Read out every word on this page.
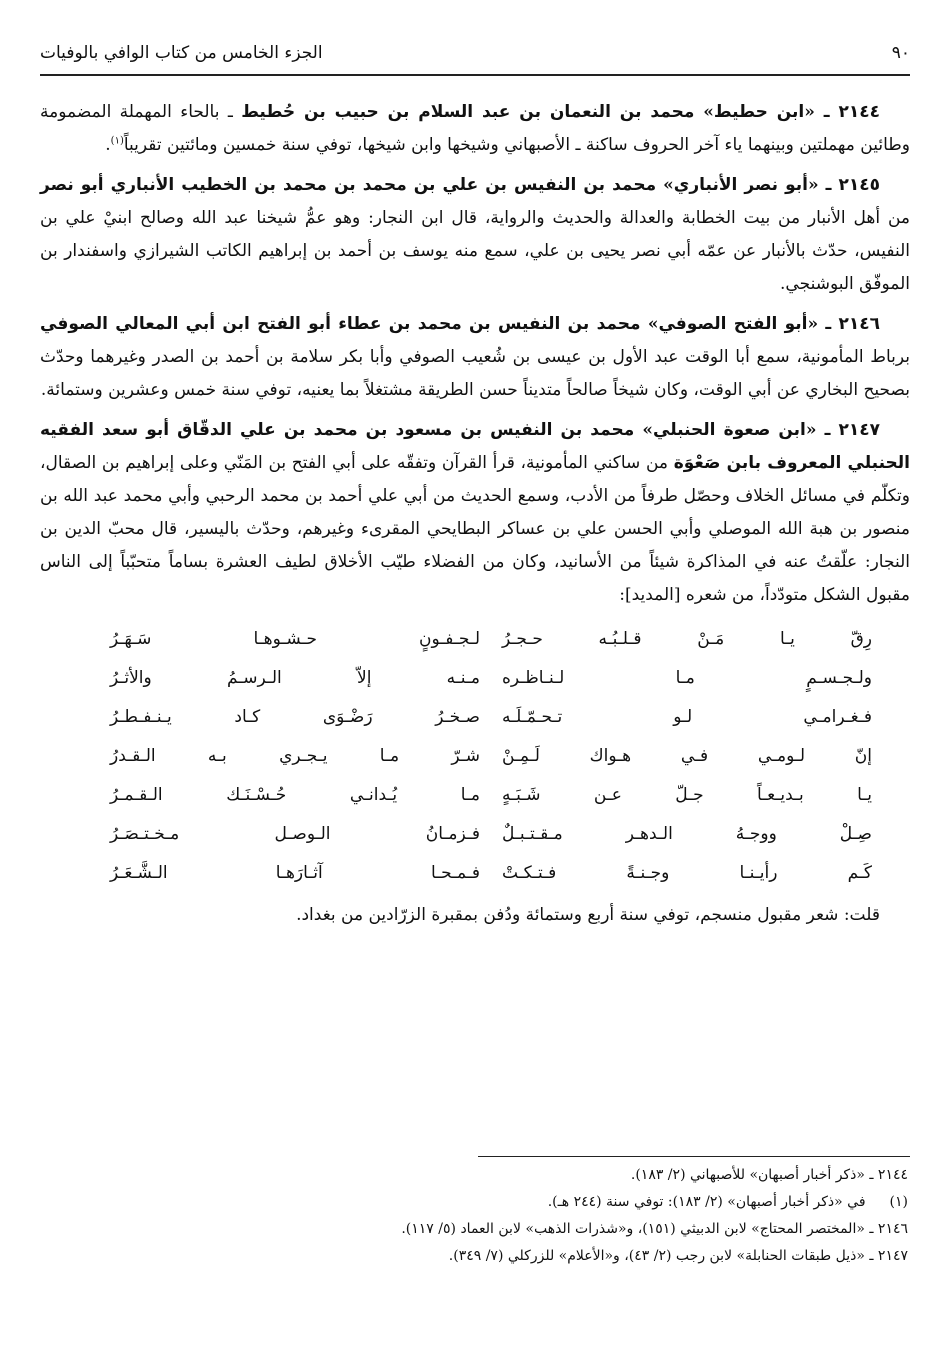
٩٠
الجزء الخامس من كتاب الوافي بالوفيات

٢١٤٤ ـ «ابن حطيط» محمد بن النعمان بن عبد السلام بن حبيب بن حُطيط ـ بالحاء المهملة المضمومة وطائين مهملتين وبينهما ياء آخر الحروف ساكنة ـ الأصبهاني وشيخها وابن شيخها، توفي سنة خمسين ومائتين تقريباً$^{(١)}$.

٢١٤٥ ـ «أبو نصر الأنباري» محمد بن النفيس بن علي بن محمد بن محمد بن الخطيب الأنباري أبو نصر من أهل الأنبار من بيت الخطابة والعدالة والحديث والرواية، قال ابن النجار: وهو عمُّ شيخنا عبد الله وصالح ابنيْ علي بن النفيس، حدّث بالأنبار عن عمّه أبي نصر يحيى بن علي، سمع منه يوسف بن أحمد بن إبراهيم الكاتب الشيرازي واسفندار بن الموفّق البوشنجي.

٢١٤٦ ـ «أبو الفتح الصوفي» محمد بن النفيس بن محمد بن عطاء أبو الفتح ابن أبي المعالي الصوفي برباط المأمونية، سمع أبا الوقت عبد الأول بن عيسى بن شُعيب الصوفي وأبا بكر سلامة بن أحمد بن الصدر وغيرهما وحدّث بصحيح البخاري عن أبي الوقت، وكان شيخاً صالحاً متديناً حسن الطريقة مشتغلاً بما يعنيه، توفي سنة خمس وعشرين وستمائة.

٢١٤٧ ـ «ابن صعوة الحنبلي» محمد بن النفيس بن مسعود بن محمد بن علي الدقّاق أبو سعد الفقيه الحنبلي المعروف بابن صَعْوَة من ساكني المأمونية، قرأ القرآن وتفقّه على أبي الفتح بن المَنّي وعلى إبراهيم بن الصقال، وتكلّم في مسائل الخلاف وحصّل طرفاً من الأدب، وسمع الحديث من أبي علي أحمد بن محمد الرحبي وأبي محمد عبد الله بن منصور بن هبة الله الموصلي وأبي الحسن علي بن عساكر البطايحي المقرىء وغيرهم، وحدّث باليسير، قال محبّ الدين بن النجار: علّقتُ عنه في المذاكرة شيئاً من الأسانيد، وكان من الفضلاء طيّب الأخلاق لطيف العشرة بساماً متحبّباً إلى الناس مقبول الشكل متودّداً، من شعره [المديد]:

رِقّ يـا مَـنْ قـلـبُـه حـجـرُ
لـجـفـونٍ حـشـوهـا سَـهَـرُ
ولـجـسـمٍ مـا لـنـاظـره
مـنـه إلاّ الـرسـمُ والأثـرُ
فـغـرامـي لـو تـحـمّـلَـه
صـخـرُ رَضْـوَى كـاد يـنـفـطـرُ
إنّ لـومـي فـي هـواك لَـمِـنْ
شـرّ مـا يـجـري بـه الـقـدرُ
يـا بـديـعـاً جـلّ عـن شَـبَـهٍ
مـا يُـدانـي حُـسْـنَـك الـقـمـرُ
صِـلْ ووجـهُ الـدهـر مـقـتـبـلٌ
فـزمـانُ الـوصـل مـخـتـصَـرُ
كَـم رأيـنـا وجـنـةً فـتـكـتْ
فـمـحـا آثـارَهـا الـشَّـعَـرُ
قلت: شعر مقبول منسجم، توفي سنة أربع وستمائة ودُفن بمقبرة الزرّادين من بغداد.
٢١٤٤ ـ «ذكر أخبار أصبهان» للأصبهاني (٢/ ١٨٣).
(١) في «ذكر أخبار أصبهان» (٢/ ١٨٣): توفي سنة (٢٤٤ هـ).
٢١٤٦ ـ «المختصر المحتاج» لابن الدبيثي (١٥١)، و«شذرات الذهب» لابن العماد (٥/ ١١٧).
٢١٤٧ ـ «ذيل طبقات الحنابلة» لابن رجب (٢/ ٤٣)، و«الأعلام» للزركلي (٧/ ٣٤٩).
